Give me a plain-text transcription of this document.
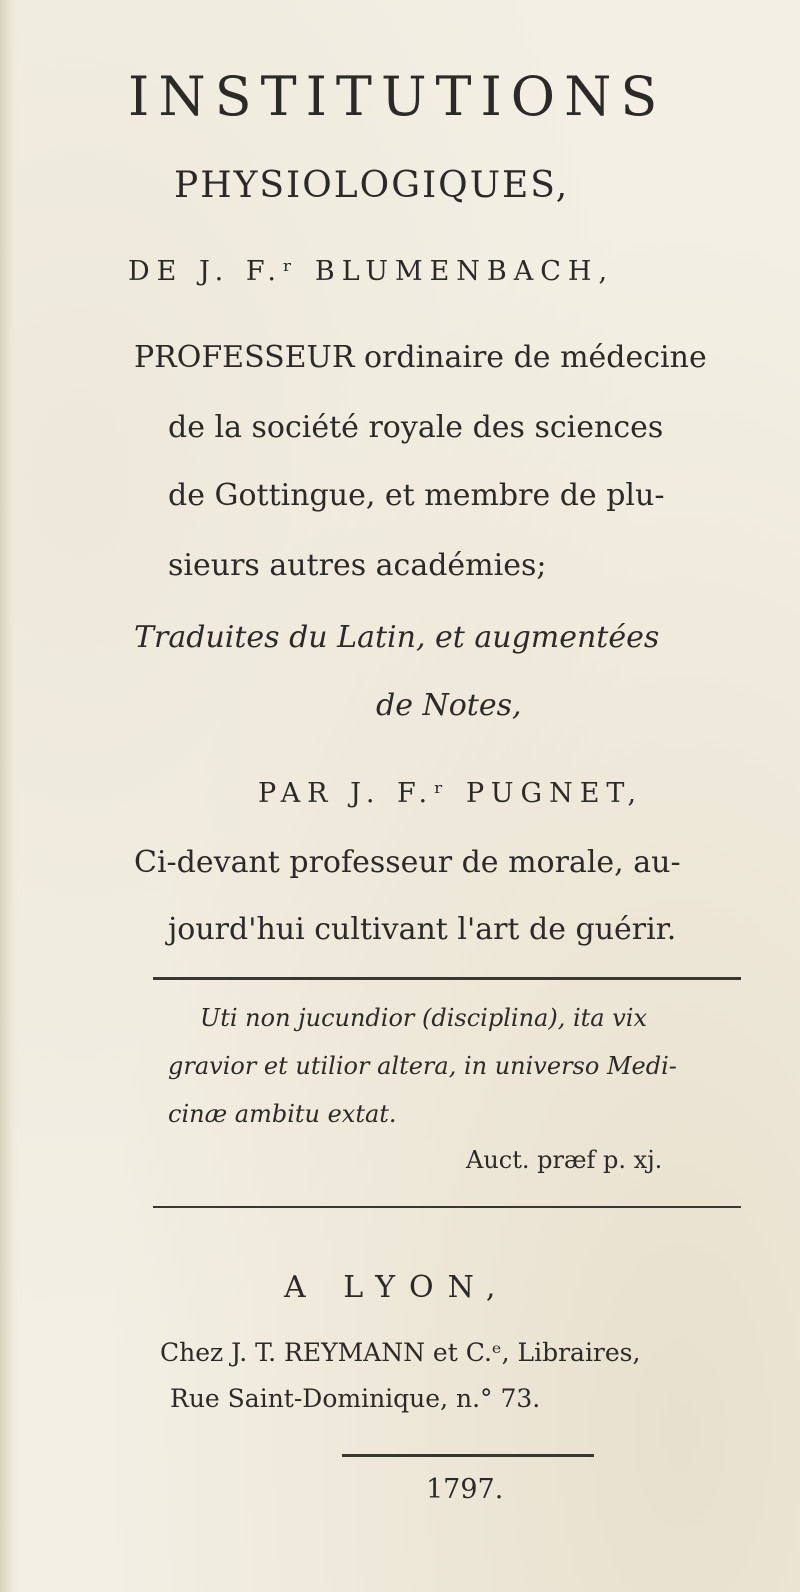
INSTITUTIONS
PHYSIOLOGIQUES,
DE J. F.ʳ BLUMENBACH,
PROFESSEUR ordinaire de médecine
de la société royale des sciences
de Gottingue, et membre de plu-
sieurs autres académies;
Traduites du Latin, et augmentées
de Notes,
PAR J. F.ʳ PUGNET,
Ci-devant professeur de morale, au-
jourd'hui cultivant l'art de guérir.
Uti non jucundior (disciplina), ita vix
gravior et utilior altera, in universo Medi-
cinæ ambitu extat.
Auct. præf p. xj.
A LYON,
Chez J. T. REYMANN et C.ᵉ, Libraires,
Rue Saint-Dominique, n.° 73.
1797.
